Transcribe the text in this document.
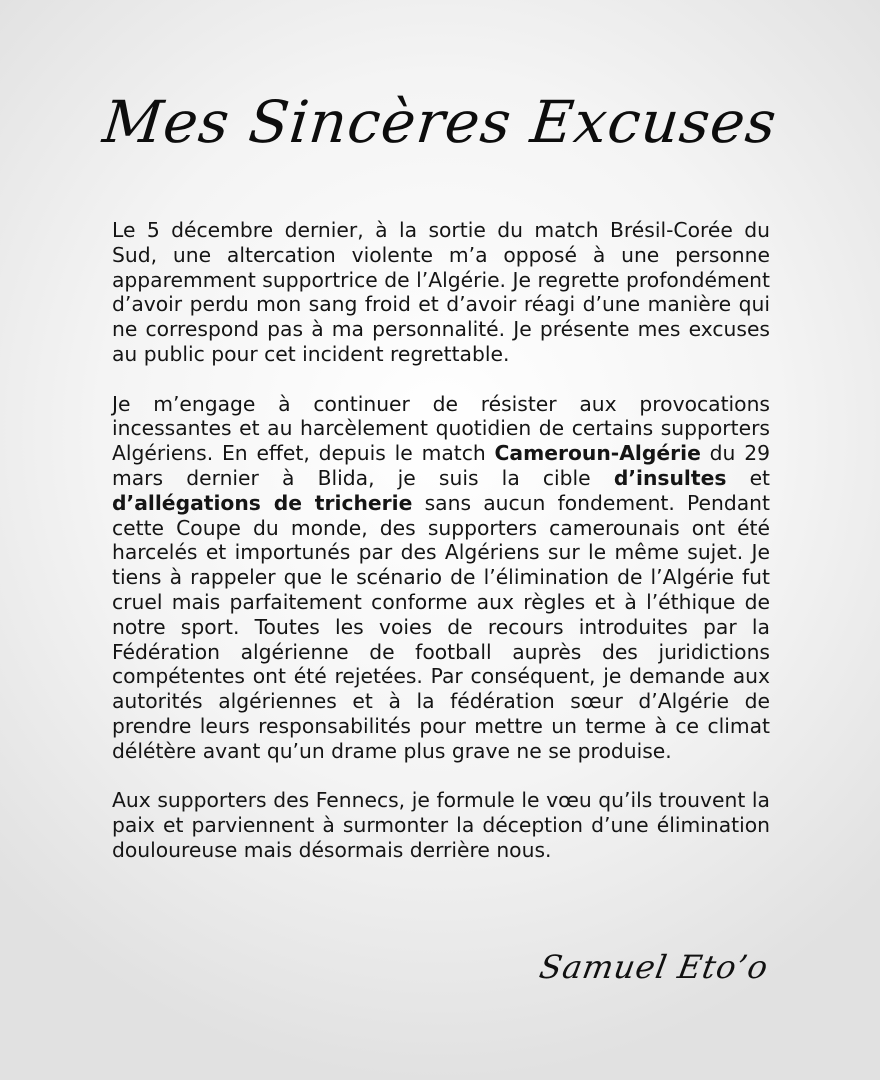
Mes Sincères Excuses

Le 5 décembre dernier, à la sortie du match Brésil-Corée du Sud, une altercation violente m’a opposé à une personne apparemment supportrice de l’Algérie. Je regrette profondément d’avoir perdu mon sang froid et d’avoir réagi d’une manière qui ne correspond pas à ma personnalité. Je présente mes excuses au public pour cet incident regrettable.

Je m’engage à continuer de résister aux provocations incessantes et au harcèlement quotidien de certains supporters Algériens. En effet, depuis le match Cameroun-Algérie du 29 mars dernier à Blida, je suis la cible d’insultes et d’allégations de tricherie sans aucun fondement. Pendant cette Coupe du monde, des supporters camerounais ont été harcelés et importunés par des Algériens sur le même sujet. Je tiens à rappeler que le scénario de l’élimination de l’Algérie fut cruel mais parfaitement conforme aux règles et à l’éthique de notre sport. Toutes les voies de recours introduites par la Fédération algérienne de football auprès des juridictions compétentes ont été rejetées. Par conséquent, je demande aux autorités algériennes et à la fédération sœur d’Algérie de prendre leurs responsabilités pour mettre un terme à ce climat délétère avant qu’un drame plus grave ne se produise.

Aux supporters des Fennecs, je formule le vœu qu’ils trouvent la paix et parviennent à surmonter la déception d’une élimination douloureuse mais désormais derrière nous.

Samuel Eto’o
